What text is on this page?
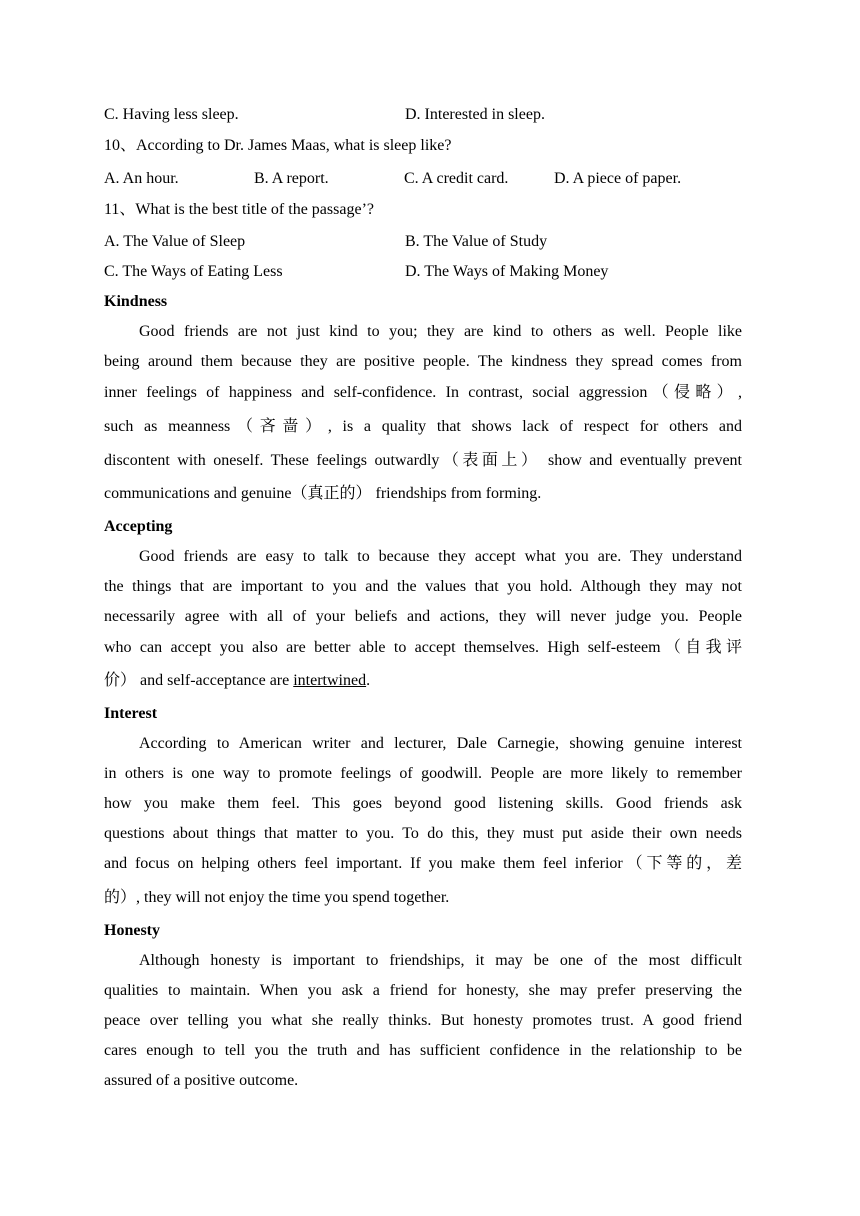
C. Having less sleep.	D. Interested in sleep.
10、According to Dr. James Maas, what is sleep like?
A. An hour.	B. A report.	C. A credit card.	D. A piece of paper.
11、What is the best title of the passage’?
A. The Value of Sleep	B. The Value of Study
C. The Ways of Eating Less	D. The Ways of Making Money
Kindness
Good friends are not just kind to you; they are kind to others as well. People like
being around them because they are positive people. The kindness they spread comes from
inner feelings of happiness and self-confidence. In contrast, social aggression（侵略）,
such as meanness（吝啬）, is a quality that shows lack of respect for others and
discontent with oneself. These feelings outwardly（表面上） show and eventually prevent
communications and genuine（真正的） friendships from forming.
Accepting
Good friends are easy to talk to because they accept what you are. They understand
the things that are important to you and the values that you hold. Although they may not
necessarily agree with all of your beliefs and actions, they will never judge you. People
who can accept you also are better able to accept themselves. High self-esteem（自我评
价） and self-acceptance are intertwined.
Interest
According to American writer and lecturer, Dale Carnegie, showing genuine interest
in others is one way to promote feelings of goodwill. People are more likely to remember
how you make them feel. This goes beyond good listening skills. Good friends ask
questions about things that matter to you. To do this, they must put aside their own needs
and focus on helping others feel important. If you make them feel inferior（下等的，差
的）, they will not enjoy the time you spend together.
Honesty
Although honesty is important to friendships, it may be one of the most difficult
qualities to maintain. When you ask a friend for honesty, she may prefer preserving the
peace over telling you what she really thinks. But honesty promotes trust. A good friend
cares enough to tell you the truth and has sufficient confidence in the relationship to be
assured of a positive outcome.
